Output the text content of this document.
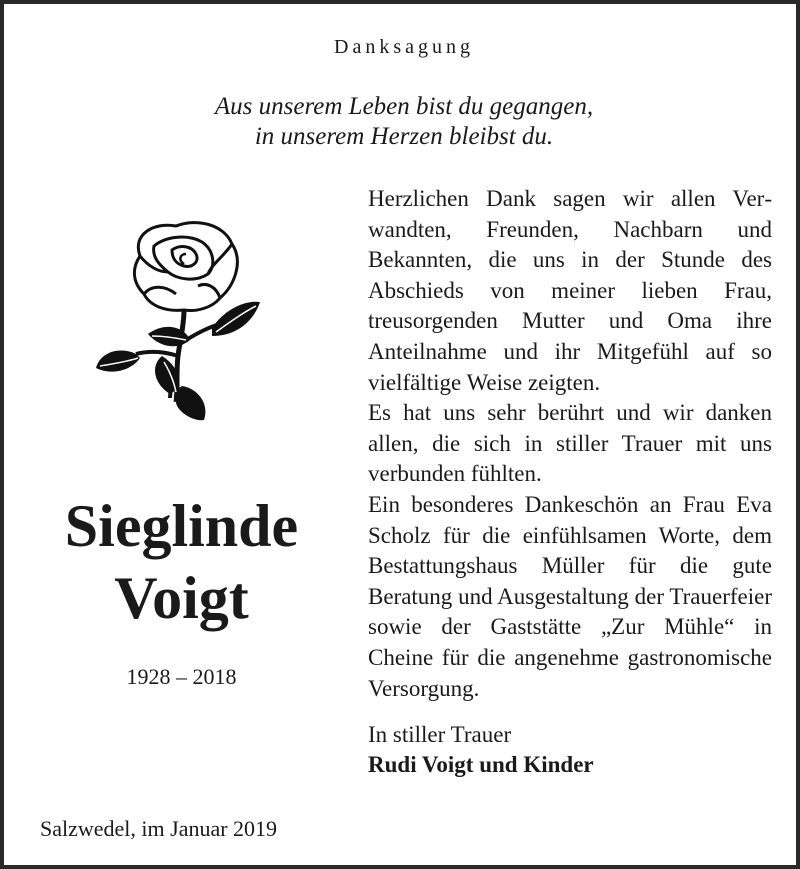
Danksagung
Aus unserem Leben bist du gegangen,
in unserem Herzen bleibst du.
Sieglinde
Voigt
1928 – 2018

Herzlichen Dank sagen wir allen Verwandten, Freunden, Nachbarn und Bekannten, die uns in der Stunde des Abschieds von meiner lieben Frau, treusorgenden Mutter und Oma ihre Anteilnahme und ihr Mitgefühl auf so vielfältige Weise zeigten.

Es hat uns sehr berührt und wir danken allen, die sich in stiller Trauer mit uns verbunden fühlten.

Ein besonderes Dankeschön an Frau Eva Scholz für die einfühlsamen Worte, dem Bestattungshaus Müller für die gute Beratung und Ausgestaltung der Trauerfeier sowie der Gaststätte „Zur Mühle“ in Cheine für die angenehme gastronomische Versorgung.

In stiller Trauer
Rudi Voigt und Kinder
Salzwedel, im Januar 2019
